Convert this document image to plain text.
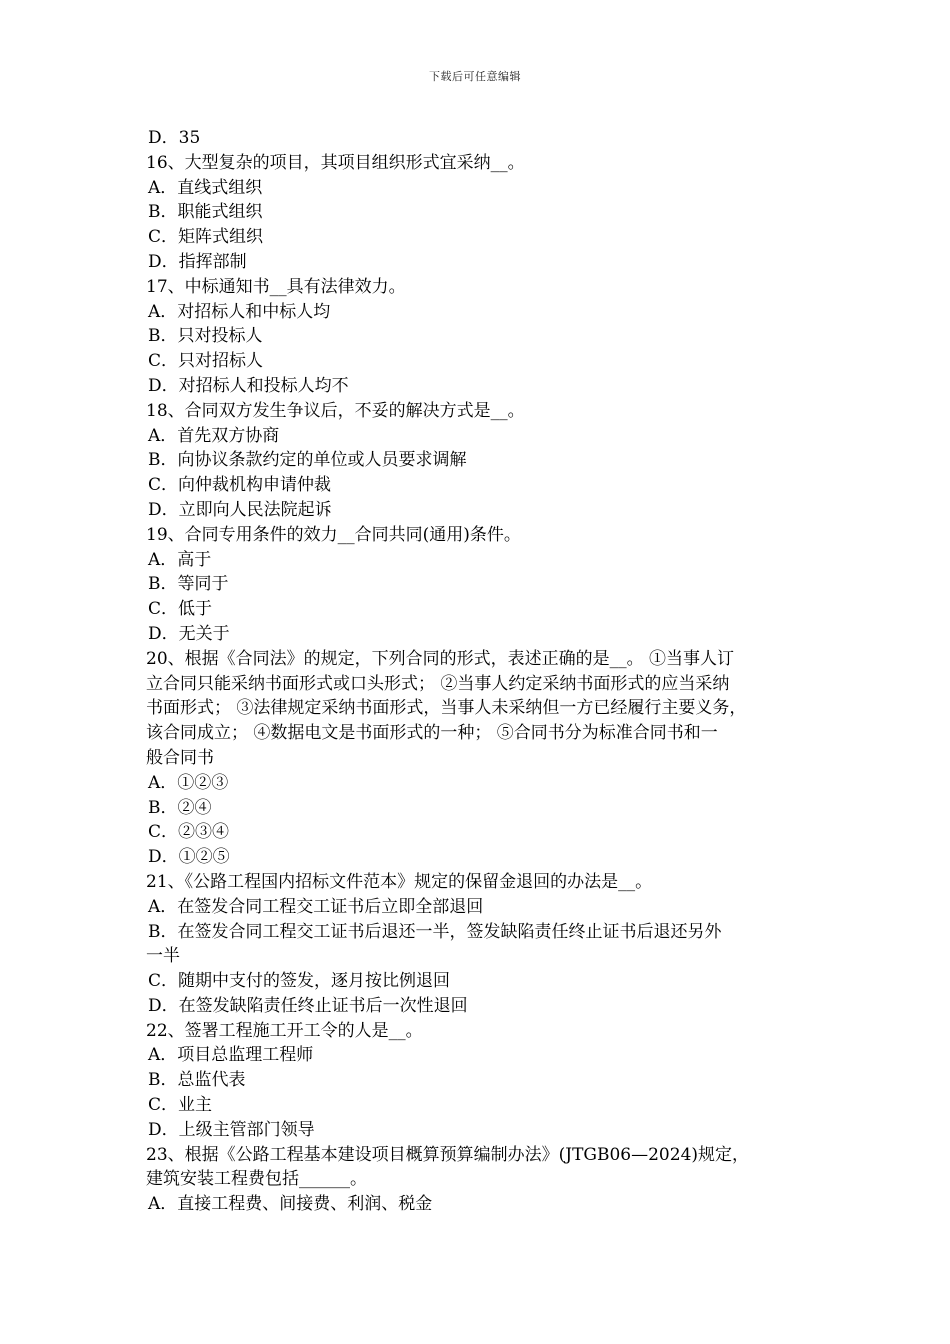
下载后可任意编辑
D．35
16、大型复杂的项目，其项目组织形式宜采纳__。
A．直线式组织
B．职能式组织
C．矩阵式组织
D．指挥部制
17、中标通知书__具有法律效力。
A．对招标人和中标人均
B．只对投标人
C．只对招标人
D．对招标人和投标人均不
18、合同双方发生争议后，不妥的解决方式是__。
A．首先双方协商
B．向协议条款约定的单位或人员要求调解
C．向仲裁机构申请仲裁
D．立即向人民法院起诉
19、合同专用条件的效力__合同共同(通用)条件。
A．高于
B．等同于
C．低于
D．无关于
20、根据《合同法》的规定，下列合同的形式，表述正确的是__。 ①当事人订
立合同只能采纳书面形式或口头形式； ②当事人约定采纳书面形式的应当采纳
书面形式； ③法律规定采纳书面形式，当事人未采纳但一方已经履行主要义务，
该合同成立； ④数据电文是书面形式的一种； ⑤合同书分为标准合同书和一
般合同书
A．①②③
B．②④
C．②③④
D．①②⑤
21、《公路工程国内招标文件范本》规定的保留金退回的办法是__。
A．在签发合同工程交工证书后立即全部退回
B．在签发合同工程交工证书后退还一半，签发缺陷责任终止证书后退还另外
一半
C．随期中支付的签发，逐月按比例退回
D．在签发缺陷责任终止证书后一次性退回
22、签署工程施工开工令的人是__。
A．项目总监理工程师
B．总监代表
C．业主
D．上级主管部门领导
23、根据《公路工程基本建设项目概算预算编制办法》(JTGB06—2024)规定，
建筑安装工程费包括______。
A．直接工程费、间接费、利润、税金
